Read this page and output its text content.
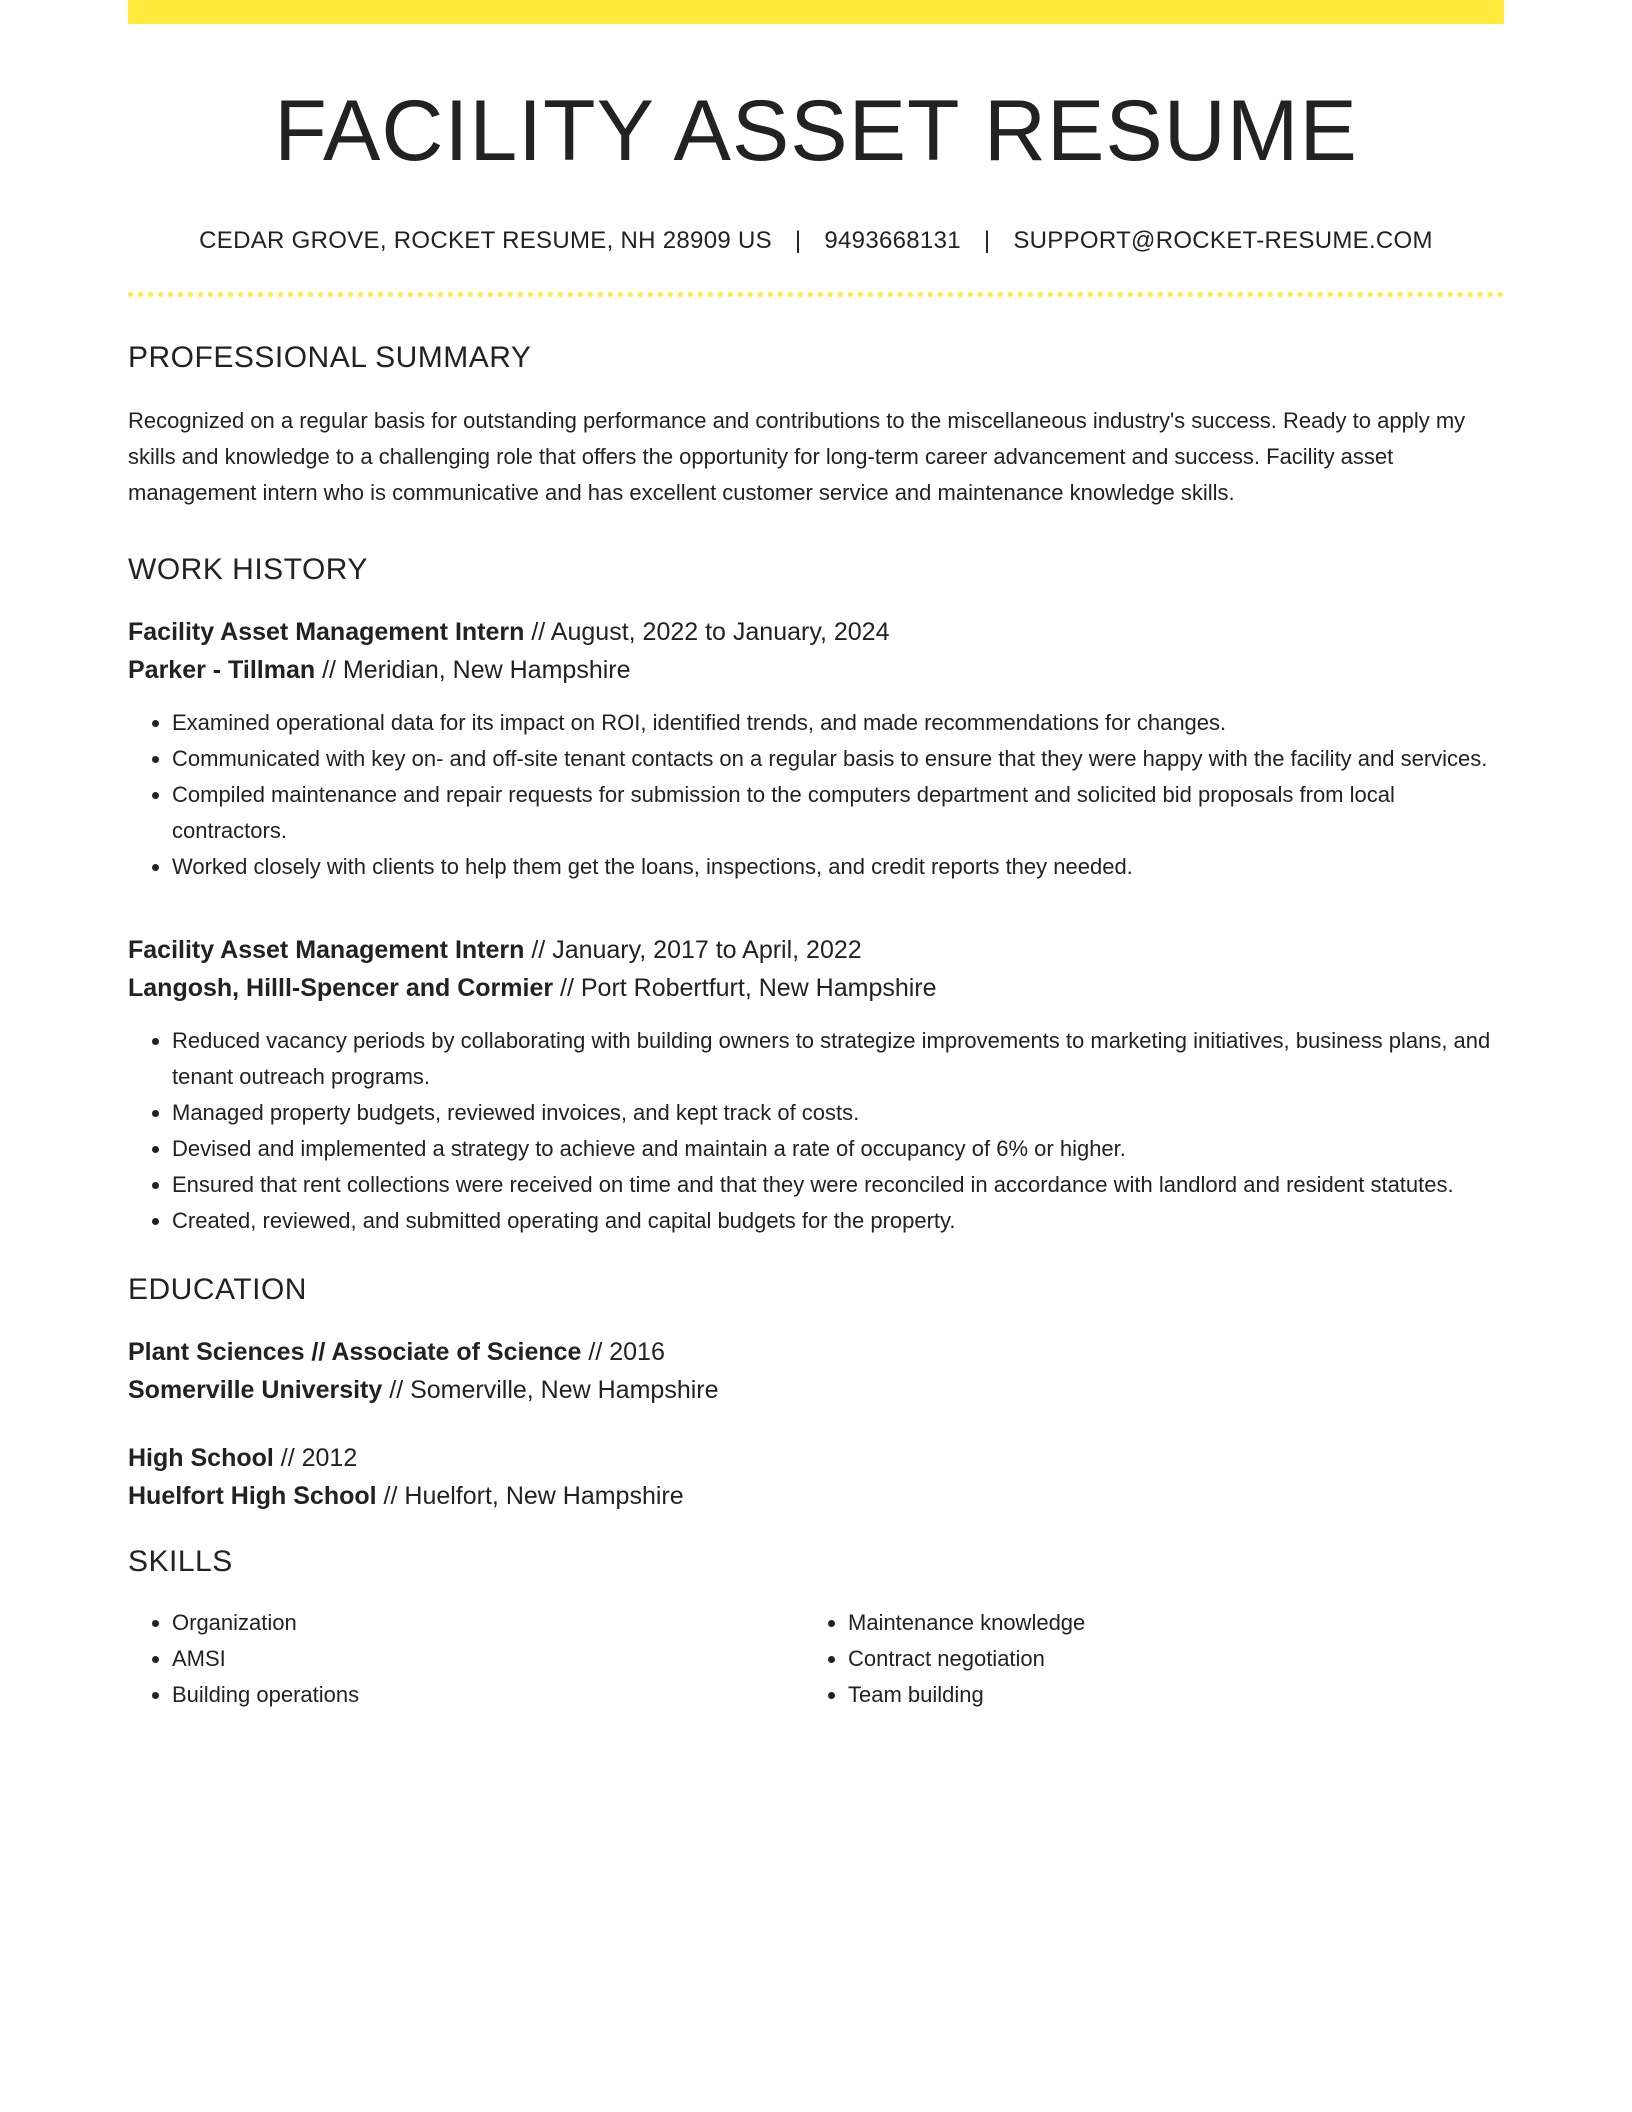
FACILITY ASSET RESUME
CEDAR GROVE, ROCKET RESUME, NH 28909 US | 9493668131 | SUPPORT@ROCKET-RESUME.COM
PROFESSIONAL SUMMARY
Recognized on a regular basis for outstanding performance and contributions to the miscellaneous industry's success. Ready to apply my skills and knowledge to a challenging role that offers the opportunity for long-term career advancement and success. Facility asset management intern who is communicative and has excellent customer service and maintenance knowledge skills.
WORK HISTORY
Facility Asset Management Intern // August, 2022 to January, 2024
Parker - Tillman // Meridian, New Hampshire
• Examined operational data for its impact on ROI, identified trends, and made recommendations for changes.
• Communicated with key on- and off-site tenant contacts on a regular basis to ensure that they were happy with the facility and services.
• Compiled maintenance and repair requests for submission to the computers department and solicited bid proposals from local contractors.
• Worked closely with clients to help them get the loans, inspections, and credit reports they needed.
Facility Asset Management Intern // January, 2017 to April, 2022
Langosh, Hilll-Spencer and Cormier // Port Robertfurt, New Hampshire
• Reduced vacancy periods by collaborating with building owners to strategize improvements to marketing initiatives, business plans, and tenant outreach programs.
• Managed property budgets, reviewed invoices, and kept track of costs.
• Devised and implemented a strategy to achieve and maintain a rate of occupancy of 6% or higher.
• Ensured that rent collections were received on time and that they were reconciled in accordance with landlord and resident statutes.
• Created, reviewed, and submitted operating and capital budgets for the property.
EDUCATION
Plant Sciences // Associate of Science // 2016
Somerville University // Somerville, New Hampshire
High School // 2012
Huelfort High School // Huelfort, New Hampshire
SKILLS
• Organization
• AMSI
• Building operations
• Maintenance knowledge
• Contract negotiation
• Team building
